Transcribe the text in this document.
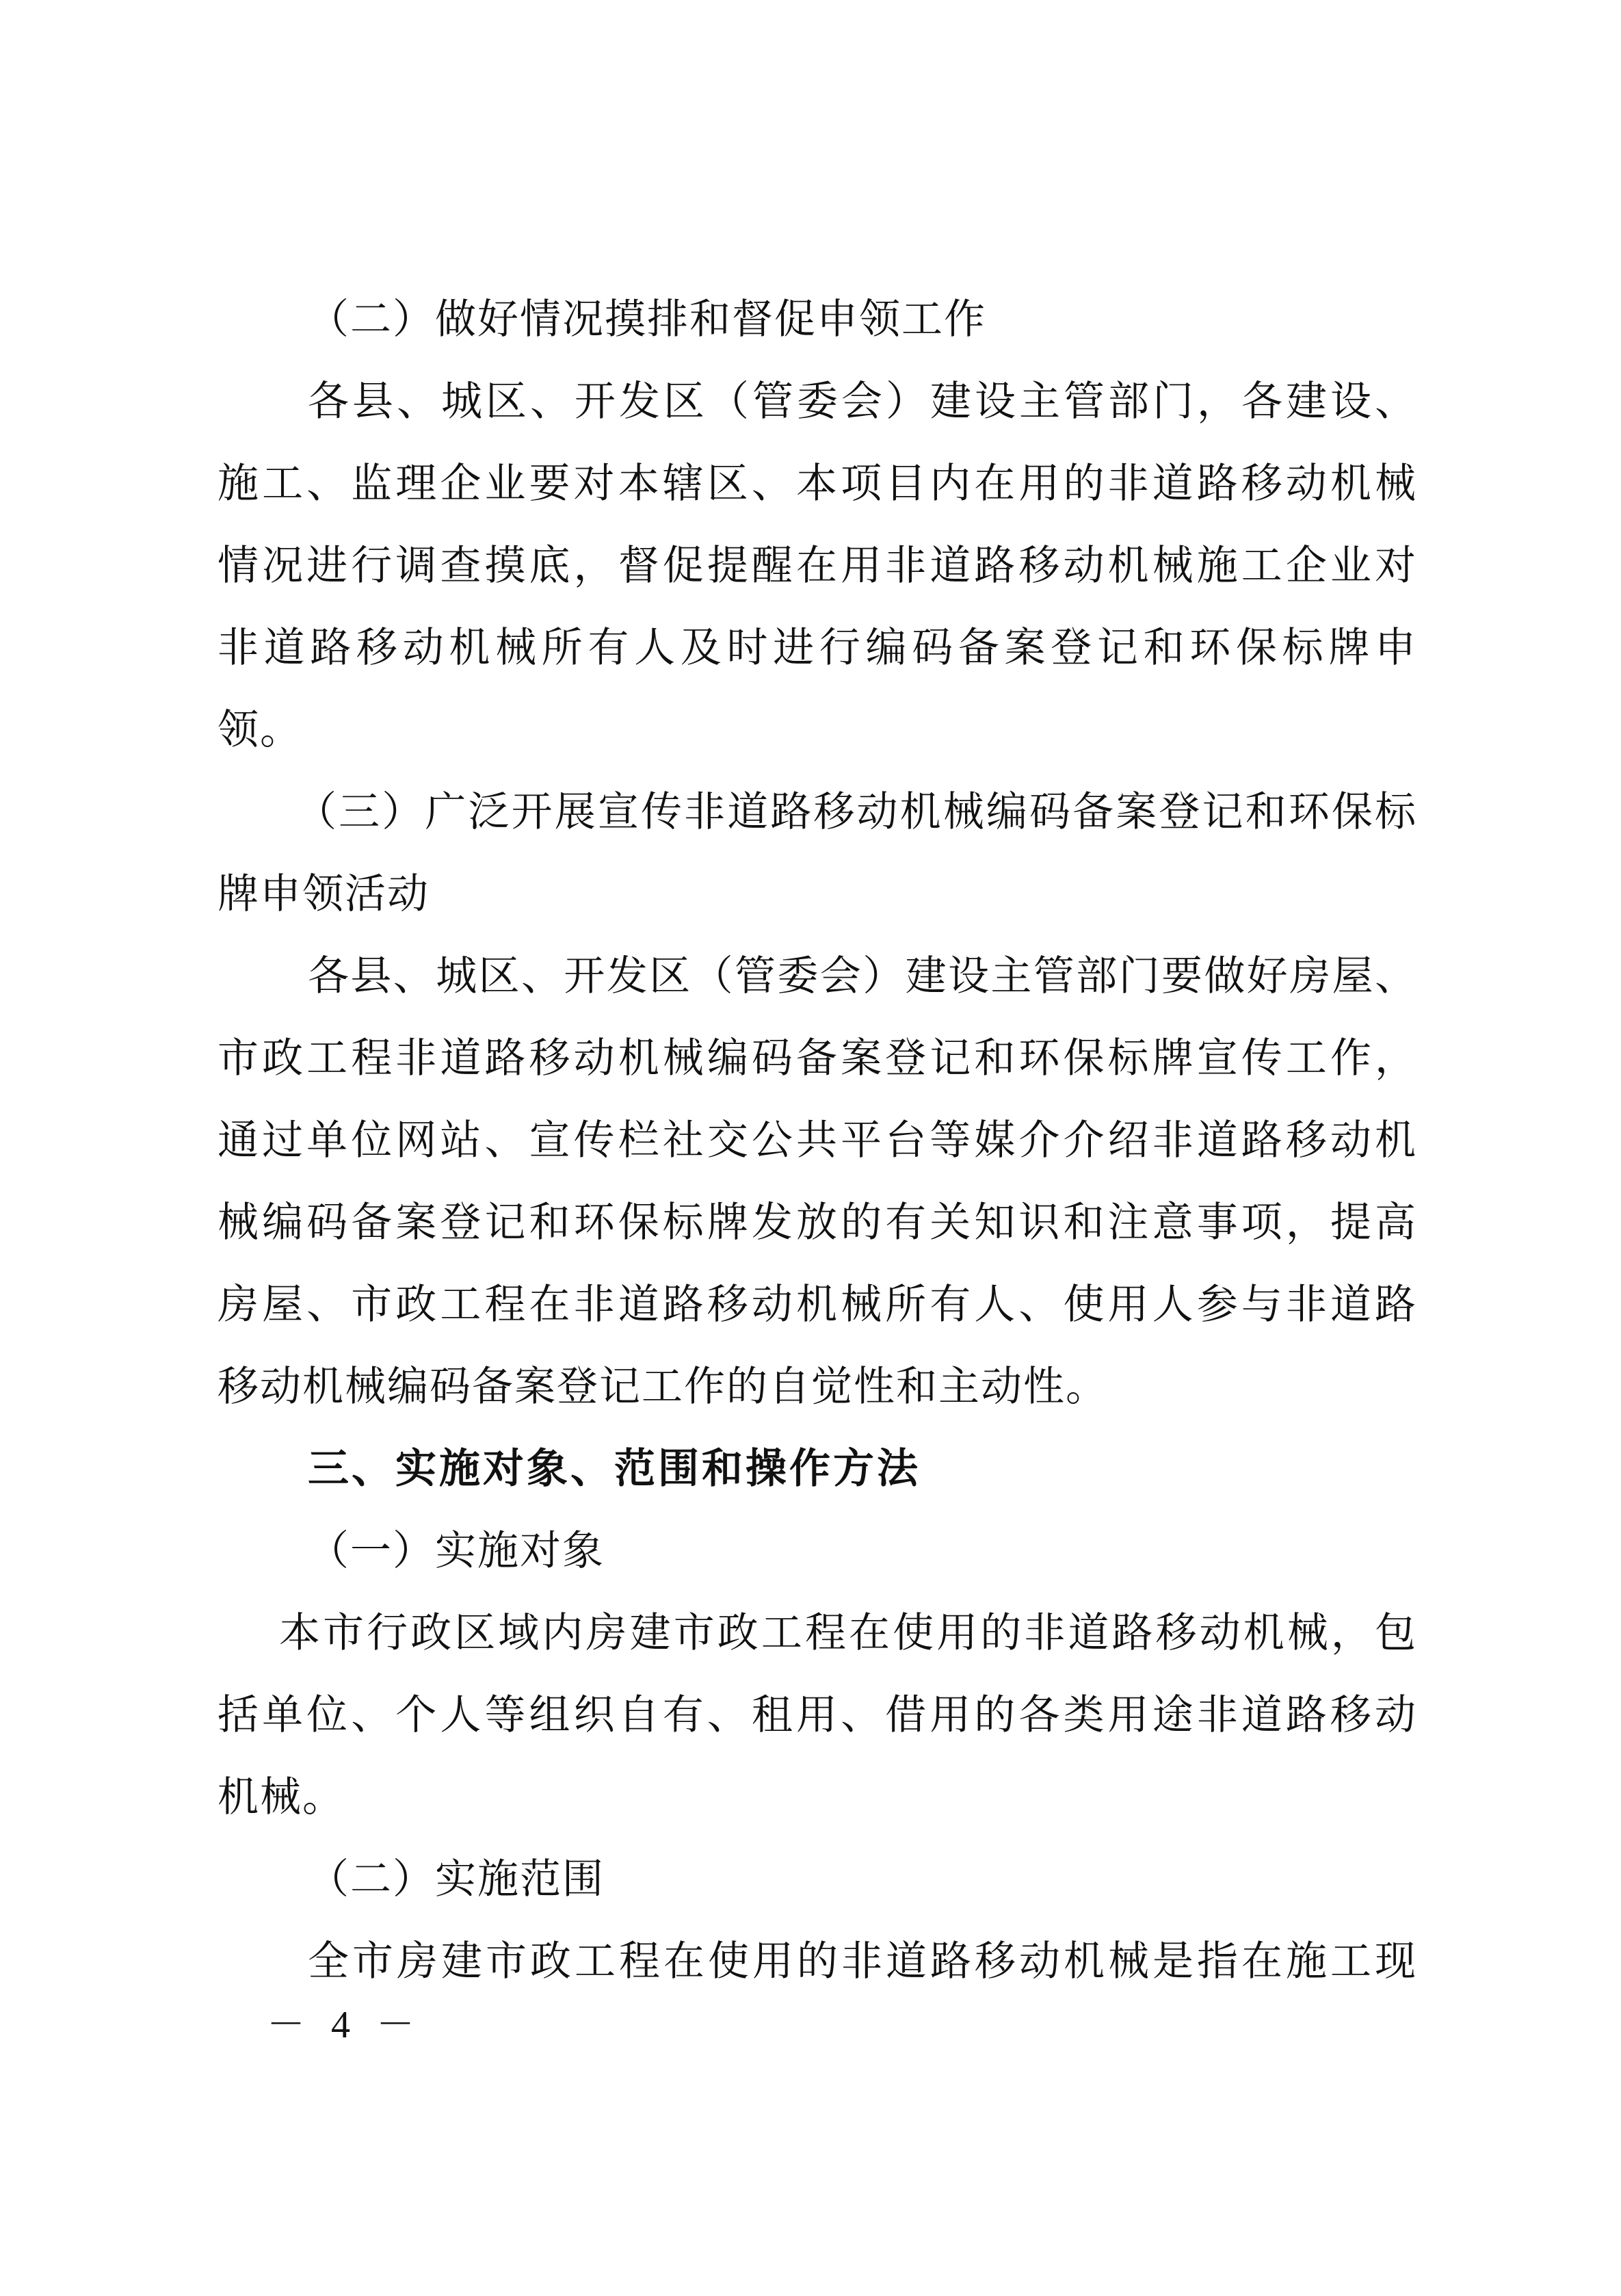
（二）做好情况摸排和督促申领工作
各县、城区、开发区（管委会）建设主管部门，各建设、
施工、监理企业要对本辖区、本项目内在用的非道路移动机械
情况进行调查摸底，督促提醒在用非道路移动机械施工企业对
非道路移动机械所有人及时进行编码备案登记和环保标牌申
领。
（三）广泛开展宣传非道路移动机械编码备案登记和环保标
牌申领活动
各县、城区、开发区（管委会）建设主管部门要做好房屋、
市政工程非道路移动机械编码备案登记和环保标牌宣传工作，
通过单位网站、宣传栏社交公共平台等媒介介绍非道路移动机
械编码备案登记和环保标牌发放的有关知识和注意事项，提高
房屋、市政工程在非道路移动机械所有人、使用人参与非道路
移动机械编码备案登记工作的自觉性和主动性。
三、实施对象、范围和操作方法
（一）实施对象
本市行政区域内房建市政工程在使用的非道路移动机械，包
括单位、个人等组织自有、租用、借用的各类用途非道路移动
机械。
（二）实施范围
全市房建市政工程在使用的非道路移动机械是指在施工现
－ 4 －
